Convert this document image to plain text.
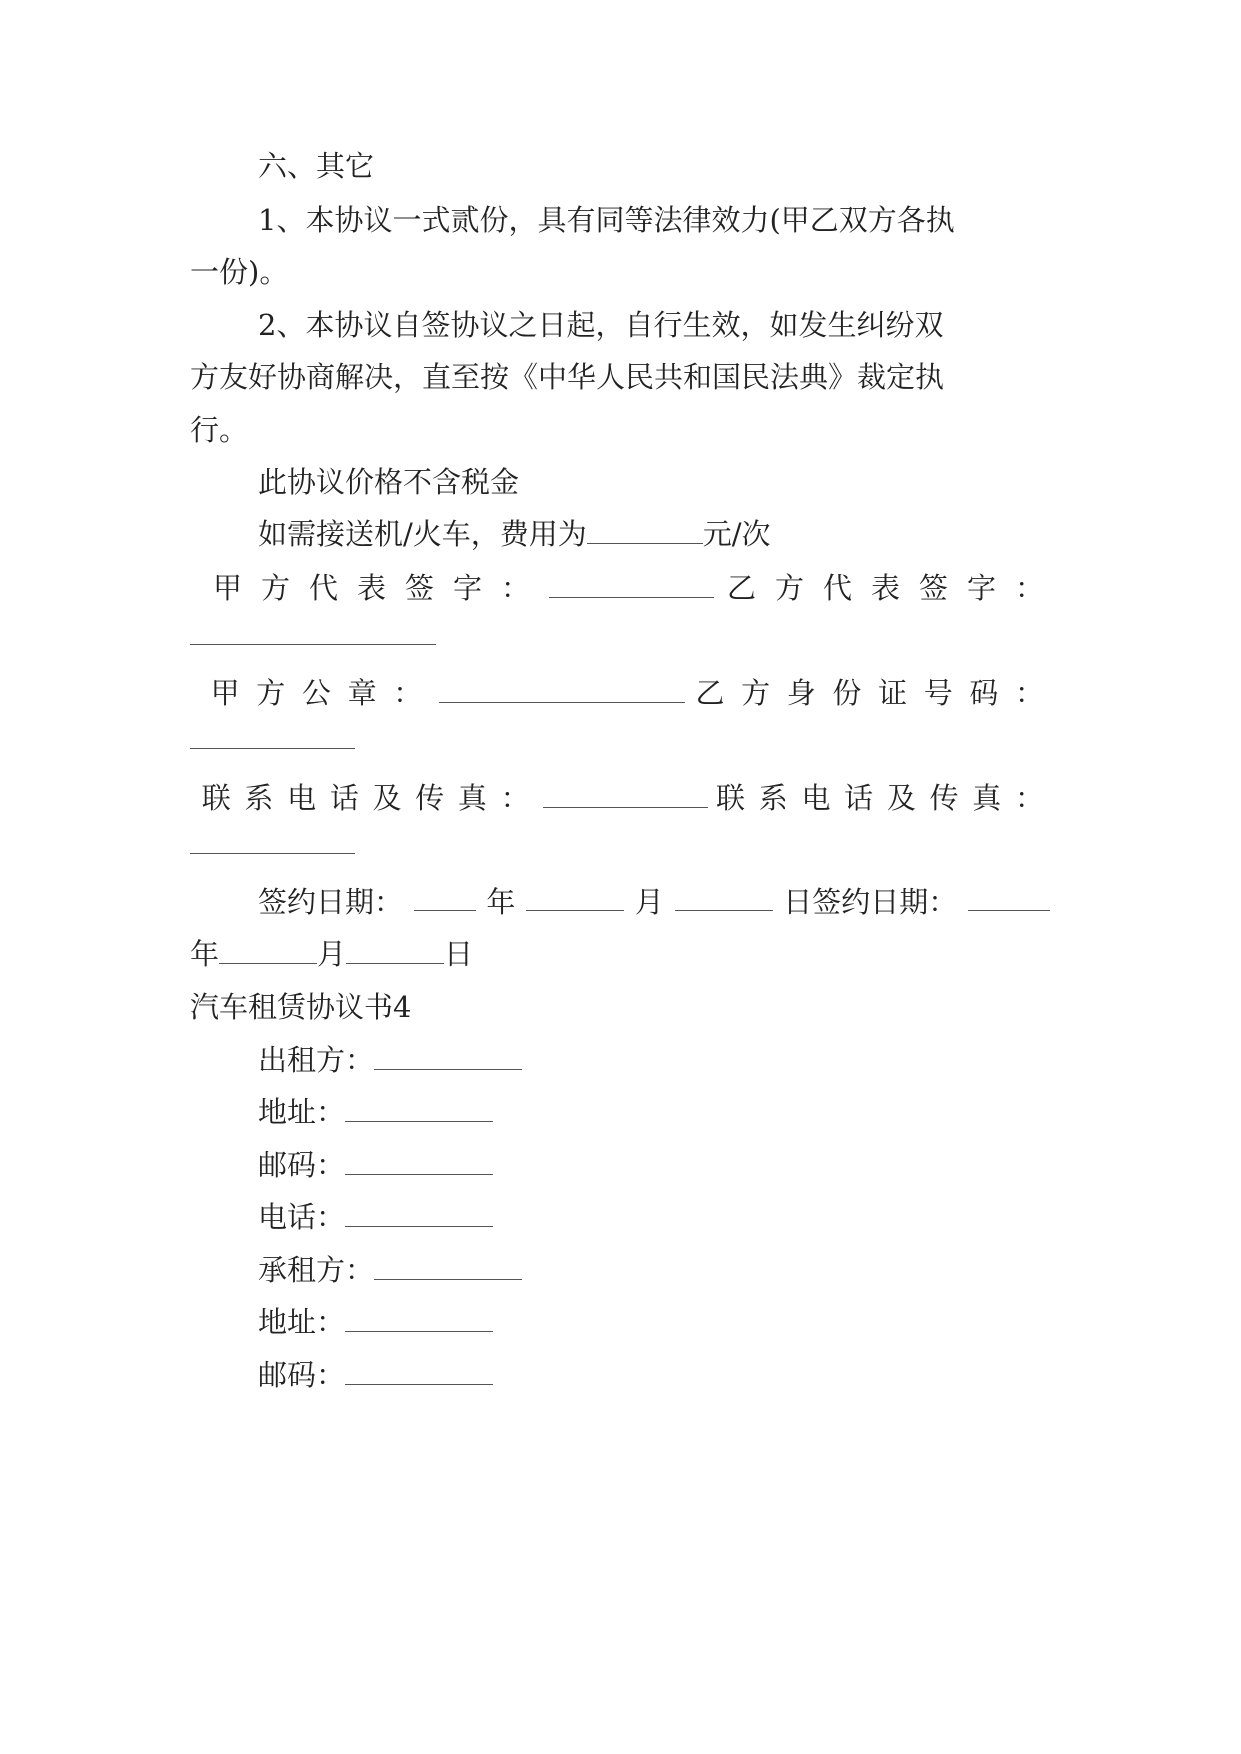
六、其它
1、本协议一式贰份，具有同等法律效力(甲乙双方各执
一份)。
2、本协议自签协议之日起，自行生效，如发生纠纷双
方友好协商解决，直至按《中华人民共和国民法典》裁定执
行。
此协议价格不含税金
如需接送机/火车，费用为	元/次
甲方代表签字：	乙方代表签字：
甲方公章：	乙方身份证号码：
联系电话及传真：	联系电话及传真：
签约日期：	年	月	日签约日期：
年	月	日
汽车租赁协议书4
出租方：
地址：
邮码：
电话：
承租方：
地址：
邮码：
